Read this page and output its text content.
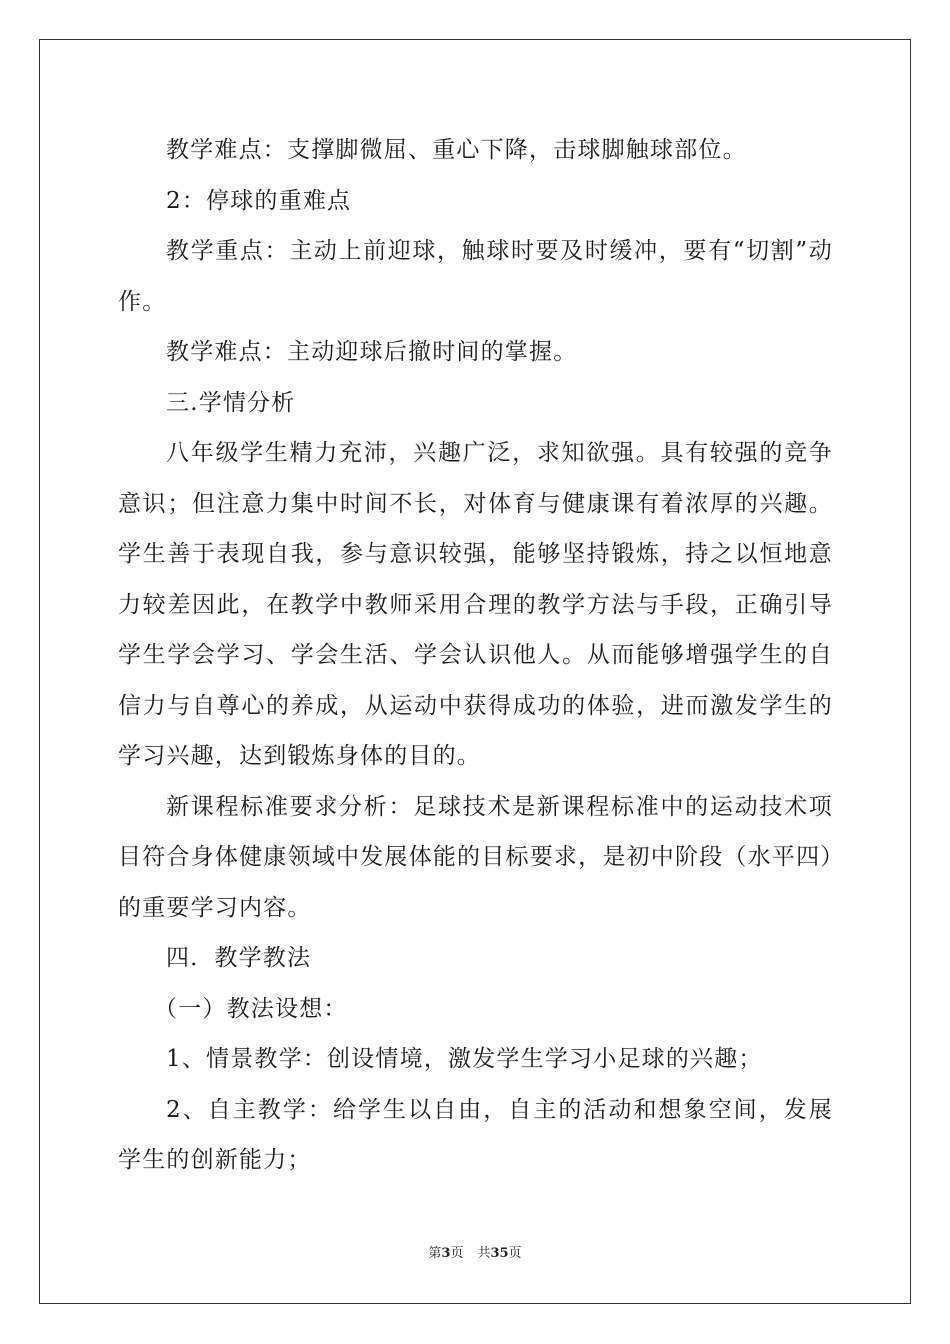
教学难点：支撑脚微屈、重心下降，击球脚触球部位。

2：停球的重难点

教学重点：主动上前迎球，触球时要及时缓冲，要有“切割”动作。

教学难点：主动迎球后撤时间的掌握。

三.学情分析

八年级学生精力充沛，兴趣广泛，求知欲强。具有较强的竞争意识；但注意力集中时间不长，对体育与健康课有着浓厚的兴趣。学生善于表现自我，参与意识较强，能够坚持锻炼，持之以恒地意力较差因此，在教学中教师采用合理的教学方法与手段，正确引导学生学会学习、学会生活、学会认识他人。从而能够增强学生的自信力与自尊心的养成，从运动中获得成功的体验，进而激发学生的学习兴趣，达到锻炼身体的目的。

新课程标准要求分析：足球技术是新课程标准中的运动技术项目符合身体健康领域中发展体能的目标要求，是初中阶段（水平四）的重要学习内容。

四．教学教法

（一）教法设想：

1、情景教学：创设情境，激发学生学习小足球的兴趣；

2、自主教学：给学生以自由，自主的活动和想象空间，发展学生的创新能力；

第3页 共35页
